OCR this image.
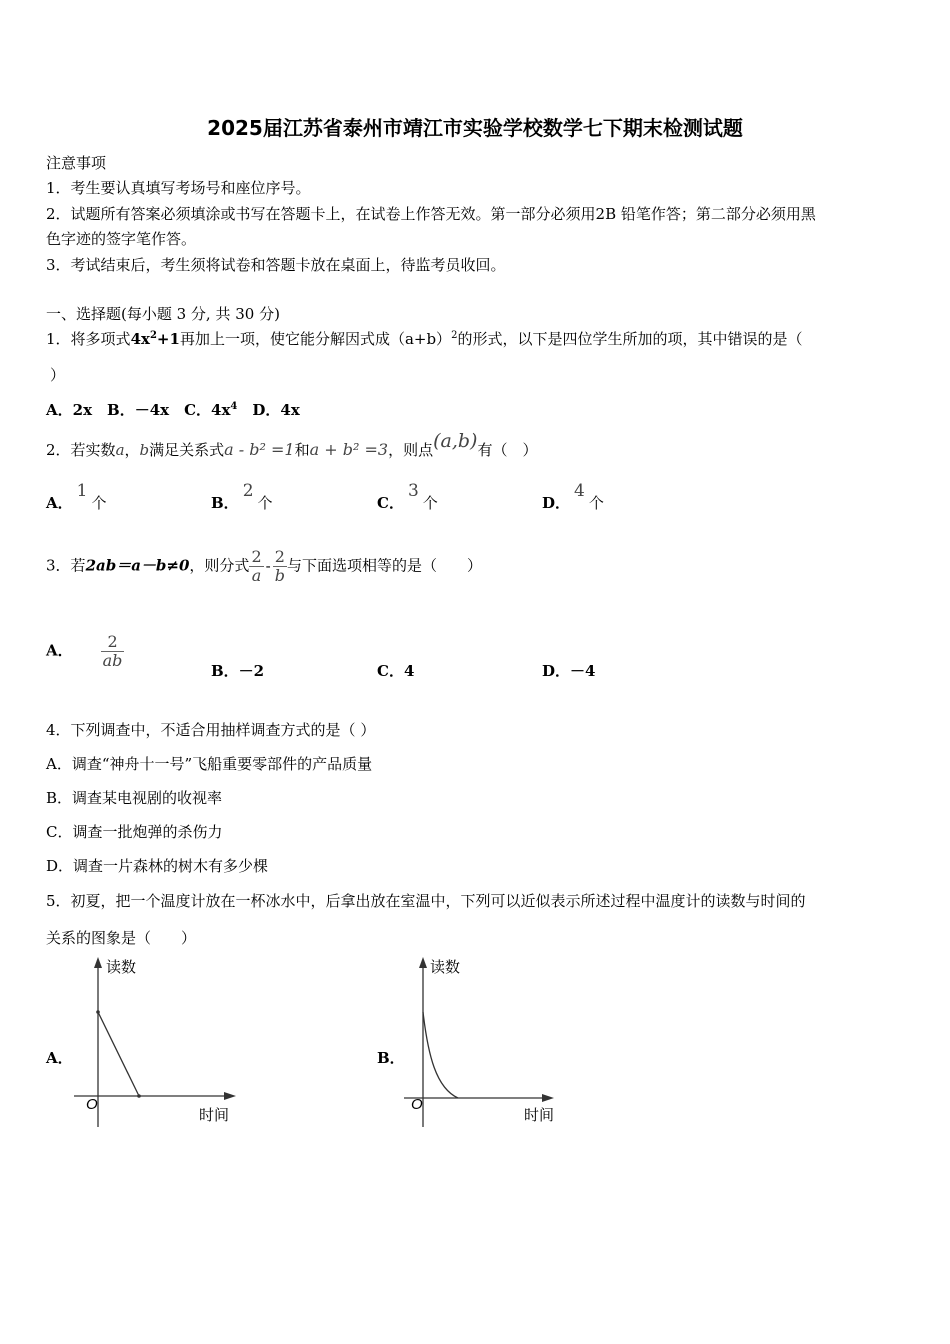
2025届江苏省泰州市靖江市实验学校数学七下期末检测试题
注意事项
1．考生要认真填写考场号和座位序号。
2．试题所有答案必须填涂或书写在答题卡上，在试卷上作答无效。第一部分必须用2B 铅笔作答；第二部分必须用黑
色字迹的签字笔作答。
3．考试结束后，考生须将试卷和答题卡放在桌面上，待监考员收回。
一、选择题(每小题 3 分, 共 30 分)
1．将多项式$4x^2+1$再加上一项，使它能分解因式成$(a+b)^2$的形式，以下是四位学生所加的项，其中错误的是（
）
A．2x　B．－4x　C．$4x^4$　D．4x
2．若实数a，b满足关系式a - b² =1和a + b² =3，则点(a,b)有（　）
A．1个	B．2个	C．3个	D．4个
3．若2ab＝a－b≠0，则分式 $\frac{2}{a} - \frac{2}{b}$ 与下面选项相等的是（　　）
A． $\frac{2}{ab}$
B．－2	C．4	D．－4
4．下列调查中，不适合用抽样调查方式的是（ ）
A．调查“神舟十一号”飞船重要零部件的产品质量
B．调查某电视剧的收视率
C．调查一批炮弹的杀伤力
D．调查一片森林的树木有多少棵
5．初夏，把一个温度计放在一杯冰水中，后拿出放在室温中，下列可以近似表示所述过程中温度计的读数与时间的
关系的图象是（　　）
A．
读数
时间
O
B．
读数
时间
O
